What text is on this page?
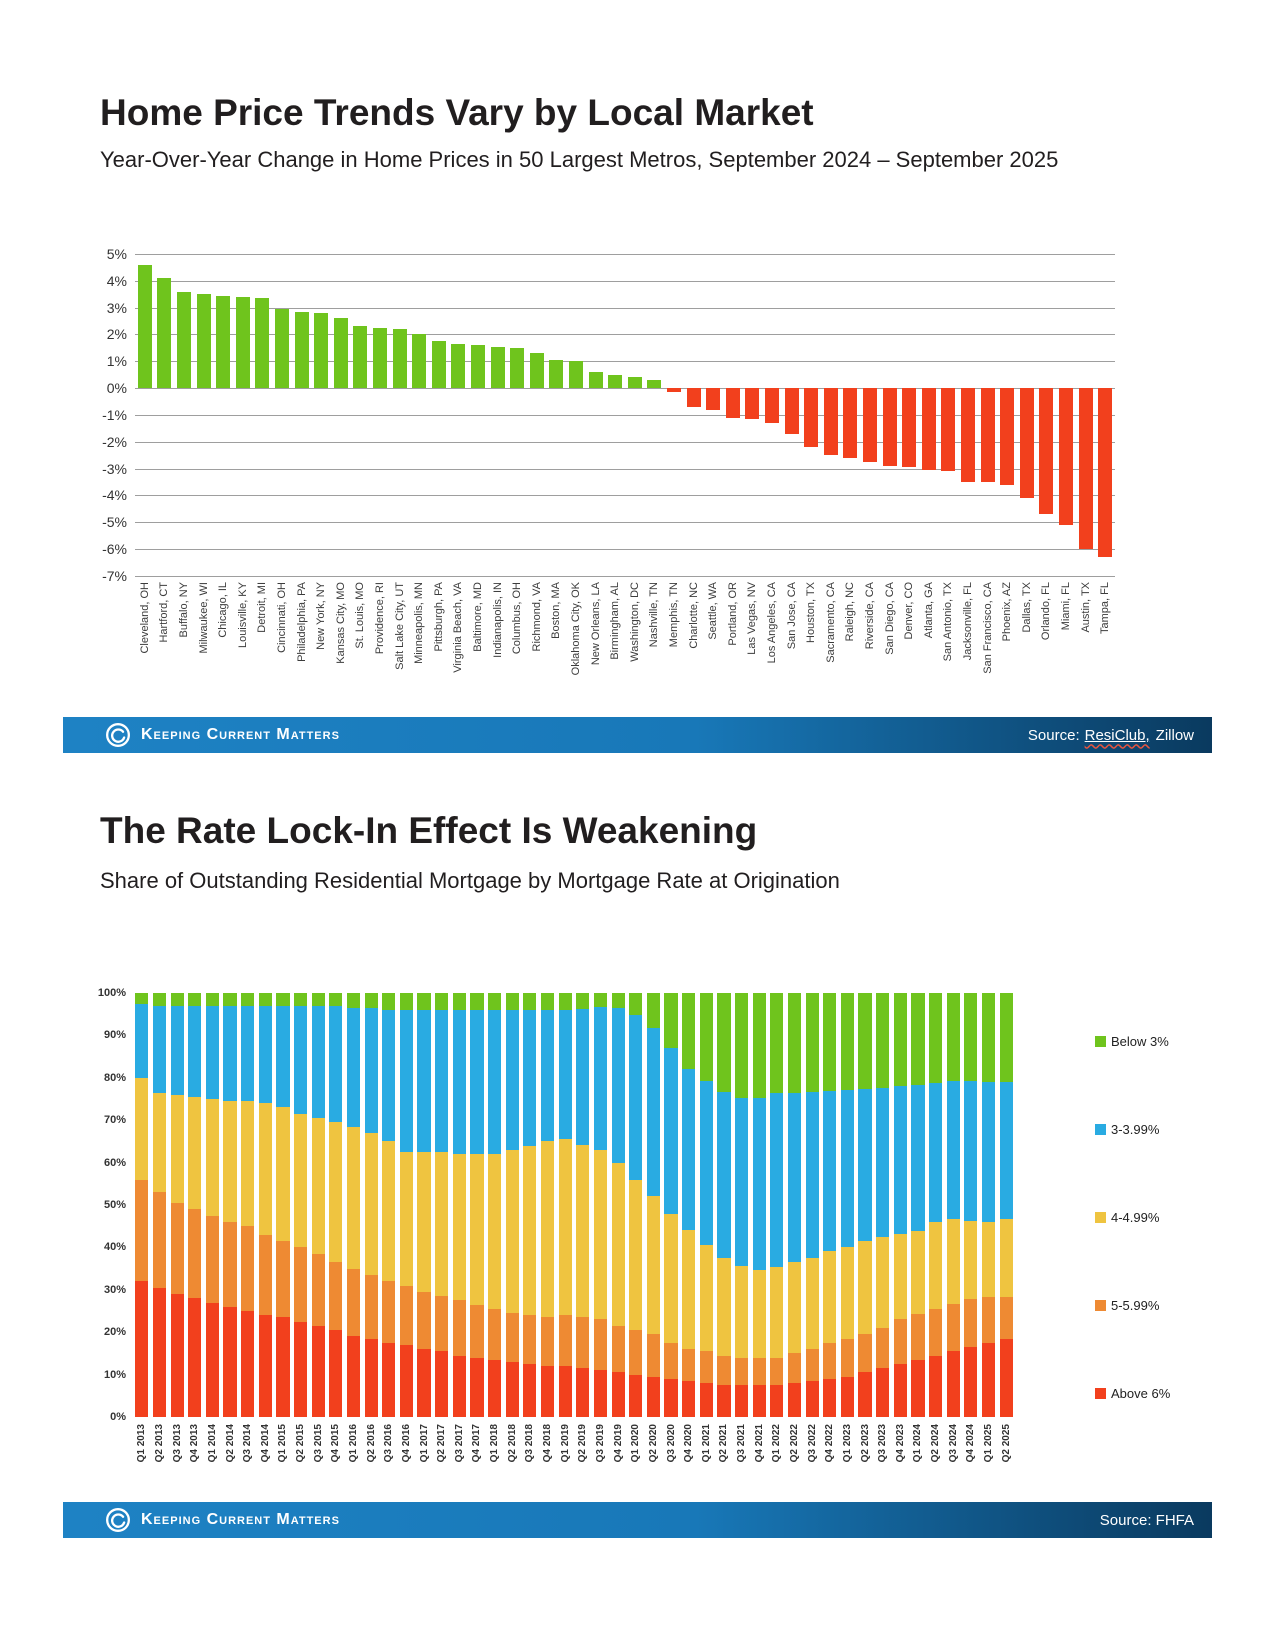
Home Price Trends Vary by Local Market
Year-Over-Year Change in Home Prices in 50 Largest Metros, September 2024 – September 2025
5%
4%
3%
2%
1%
0%
-1%
-2%
-3%
-4%
-5%
-6%
-7%
Cleveland, OH Hartford, CT Buffalo, NY Milwaukee, WI Chicago, IL Louisville, KY Detroit, MI Cincinnati, OH Philadelphia, PA New York, NY Kansas City, MO St. Louis, MO Providence, RI Salt Lake City, UT Minneapolis, MN Pittsburgh, PA Virginia Beach, VA Baltimore, MD Indianapolis, IN Columbus, OH Richmond, VA Boston, MA Oklahoma City, OK New Orleans, LA Birmingham, AL Washington, DC Nashville, TN Memphis, TN Charlotte, NC Seattle, WA Portland, OR Las Vegas, NV Los Angeles, CA San Jose, CA Houston, TX Sacramento, CA Raleigh, NC Riverside, CA San Diego, CA Denver, CO Atlanta, GA San Antonio, TX Jacksonville, FL San Francisco, CA Phoenix, AZ Dallas, TX Orlando, FL Miami, FL Austin, TX Tampa, FL
Keeping Current Matters	Source: ResiClub, Zillow
The Rate Lock-In Effect Is Weakening
Share of Outstanding Residential Mortgage by Mortgage Rate at Origination
100%
90%
80%
70%
60%
50%
40%
30%
20%
10%
0%
Q1 2013 Q2 2013 Q3 2013 Q4 2013 Q1 2014 Q2 2014 Q3 2014 Q4 2014 Q1 2015 Q2 2015 Q3 2015 Q4 2015 Q1 2016 Q2 2016 Q3 2016 Q4 2016 Q1 2017 Q2 2017 Q3 2017 Q4 2017 Q1 2018 Q2 2018 Q3 2018 Q4 2018 Q1 2019 Q2 2019 Q3 2019 Q4 2019 Q1 2020 Q2 2020 Q3 2020 Q4 2020 Q1 2021 Q2 2021 Q3 2021 Q4 2021 Q1 2022 Q2 2022 Q3 2022 Q4 2022 Q1 2023 Q2 2023 Q3 2023 Q4 2023 Q1 2024 Q2 2024 Q3 2024 Q4 2024 Q1 2025 Q2 2025
Below 3%
3-3.99%
4-4.99%
5-5.99%
Above 6%
Keeping Current Matters	Source: FHFA
